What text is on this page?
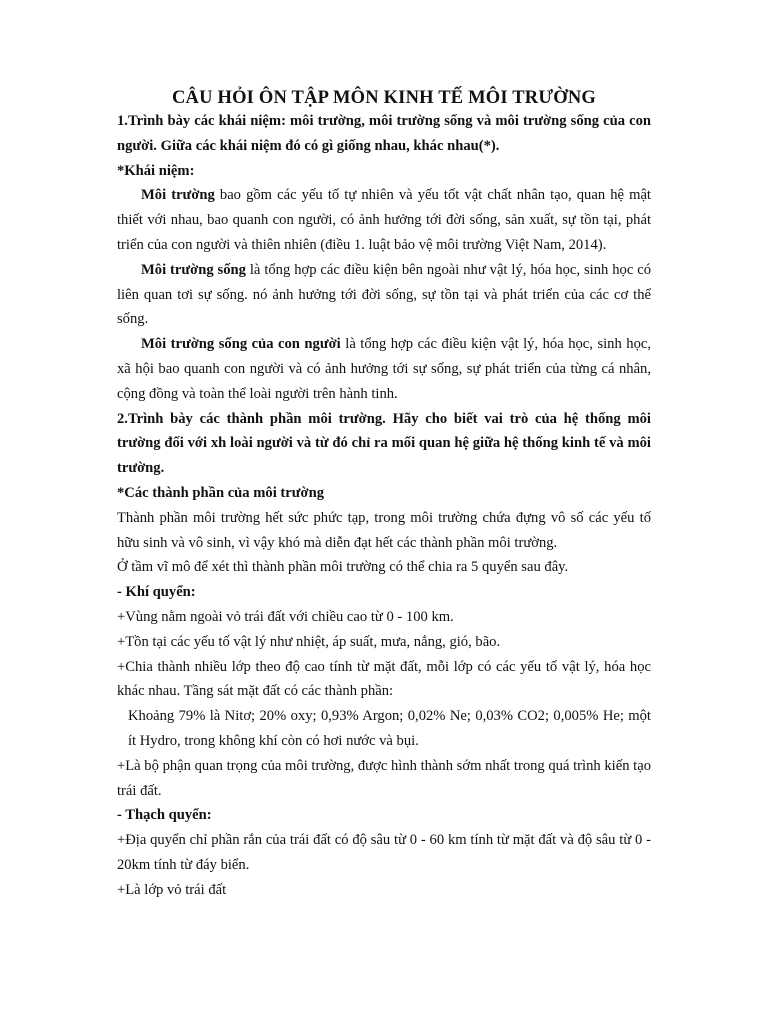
CÂU HỎI ÔN TẬP MÔN KINH TẾ MÔI TRƯỜNG

1.Trình bày các khái niệm: môi trường, môi trường sống và môi trường sống của con người. Giữa các khái niệm đó có gì giống nhau, khác nhau(*).

*Khái niệm:

Môi trường bao gồm các yếu tố tự nhiên và yếu tốt vật chất nhân tạo, quan hệ mật thiết với nhau, bao quanh con người, có ảnh hưởng tới đời sống, sản xuất, sự tồn tại, phát triển của con người và thiên nhiên (điều 1. luật bảo vệ môi trường Việt Nam, 2014).

Môi trường sống là tổng hợp các điều kiện bên ngoài như vật lý, hóa học, sinh học có liên quan tơi sự sống. nó ảnh hưởng tới đời sống, sự tồn tại và phát triển của các cơ thể sống.

Môi trường sống của con người là tổng hợp các điều kiện vật lý, hóa học, sinh học, xã hội bao quanh con người và có ảnh hưởng tới sự sống, sự phát triển của từng cá nhân, cộng đồng và toàn thể loài người trên hành tinh.

2.Trình bày các thành phần môi trường. Hãy cho biết vai trò của hệ thống môi trường đối với xh loài người và từ đó chỉ ra mối quan hệ giữa hệ thống kinh tế và môi trường.

*Các thành phần của môi trường

Thành phần môi trường hết sức phức tạp, trong môi trường chứa đựng vô số các yếu tố hữu sinh và vô sinh, vì vậy khó mà diễn đạt hết các thành phần môi trường.

Ở tầm vĩ mô để xét thì thành phần môi trường có thể chia ra 5 quyển sau đây.

- Khí quyển:

+Vùng nằm ngoài vỏ trái đất với chiều cao từ 0 - 100 km.

+Tồn tại các yếu tố vật lý như nhiệt, áp suất, mưa, nắng, gió, bão.

+Chia thành nhiều lớp theo độ cao tính từ mặt đất, mỗi lớp có các yếu tố vật lý, hóa học khác nhau. Tầng sát mặt đất có các thành phần:

Khoảng 79% là Nitơ; 20% oxy; 0,93% Argon; 0,02% Ne; 0,03% CO2; 0,005% He; một ít Hydro, trong không khí còn có hơi nước và bụi.

+Là bộ phận quan trọng của môi trường, được hình thành sớm nhất trong quá trình kiến tạo trái đất.

- Thạch quyển:

+Địa quyển chỉ phần rắn của trái đất có độ sâu từ 0 - 60 km tính từ mặt đất và độ sâu từ 0 - 20km tính từ đáy biển.

+Là lớp vỏ trái đất
